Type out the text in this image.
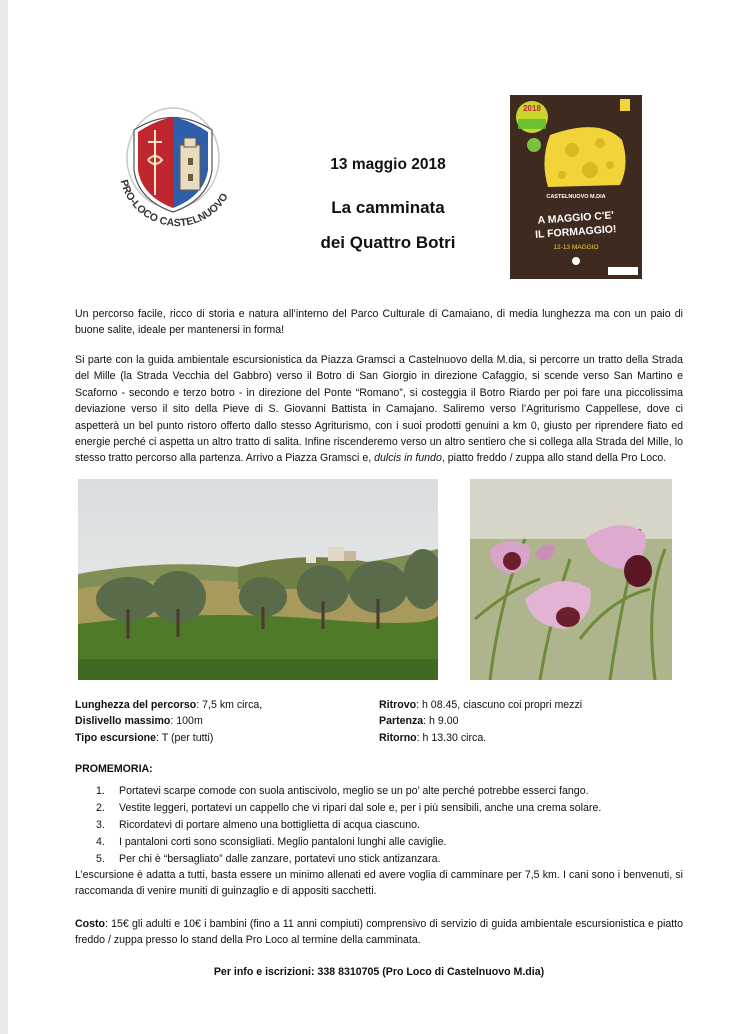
PRO-LOCO CASTELNUOVO
13 maggio 2018
La camminata
dei Quattro Botri
2018
CASTELNUOVO M.DIA
A MAGGIO C'E'
IL FORMAGGIO!
12-13 MAGGIO
Un percorso facile, ricco di storia e natura all’interno del Parco Culturale di Camaiano, di media lunghezza ma con un paio di buone salite, ideale per mantenersi in forma!
Si parte con la guida ambientale escursionistica da Piazza Gramsci a Castelnuovo della M.dia, si percorre un tratto della Strada del Mille (la Strada Vecchia del Gabbro) verso il Botro di San Giorgio in direzione Cafaggio, si scende verso San Martino e Scaforno - secondo e terzo botro - in direzione del Ponte “Romano”, si costeggia il Botro Riardo per poi fare una piccolissima deviazione verso il sito della Pieve di S. Giovanni Battista in Camajano. Saliremo verso l’Agriturismo Cappellese, dove ci aspetterà un bel punto ristoro offerto dallo stesso Agriturismo, con i suoi prodotti genuini a km 0, giusto per riprendere fiato ed energie perché ci aspetta un altro tratto di salita. Infine riscenderemo verso un altro sentiero che si collega alla Strada del Mille, lo stesso tratto percorso alla partenza. Arrivo a Piazza Gramsci e, dulcis in fundo, piatto freddo / zuppa allo stand della Pro Loco.
Lunghezza del percorso: 7,5 km circa,
Dislivello massimo: 100m
Tipo escursione: T (per tutti)
Ritrovo: h 08.45, ciascuno coi propri mezzi
Partenza: h 9.00
Ritorno: h 13.30 circa.
PROMEMORIA:
1. Portatevi scarpe comode con suola antiscivolo, meglio se un po’ alte perché potrebbe esserci fango.
2. Vestite leggeri, portatevi un cappello che vi ripari dal sole e, per i più sensibili, anche una crema solare.
3. Ricordatevi di portare almeno una bottiglietta di acqua ciascuno.
4. I pantaloni corti sono sconsigliati. Meglio pantaloni lunghi alle caviglie.
5. Per chi è “bersagliato” dalle zanzare, portatevi uno stick antizanzara.
L’escursione è adatta a tutti, basta essere un minimo allenati ed avere voglia di camminare per 7,5 km. I cani sono i benvenuti, si raccomanda di venire muniti di guinzaglio e di appositi sacchetti.
Costo: 15€ gli adulti e 10€ i bambini (fino a 11 anni compiuti) comprensivo di servizio di guida ambientale escursionistica e piatto freddo / zuppa presso lo stand della Pro Loco al termine della camminata.
Per info e iscrizioni: 338 8310705 (Pro Loco di Castelnuovo M.dia)
